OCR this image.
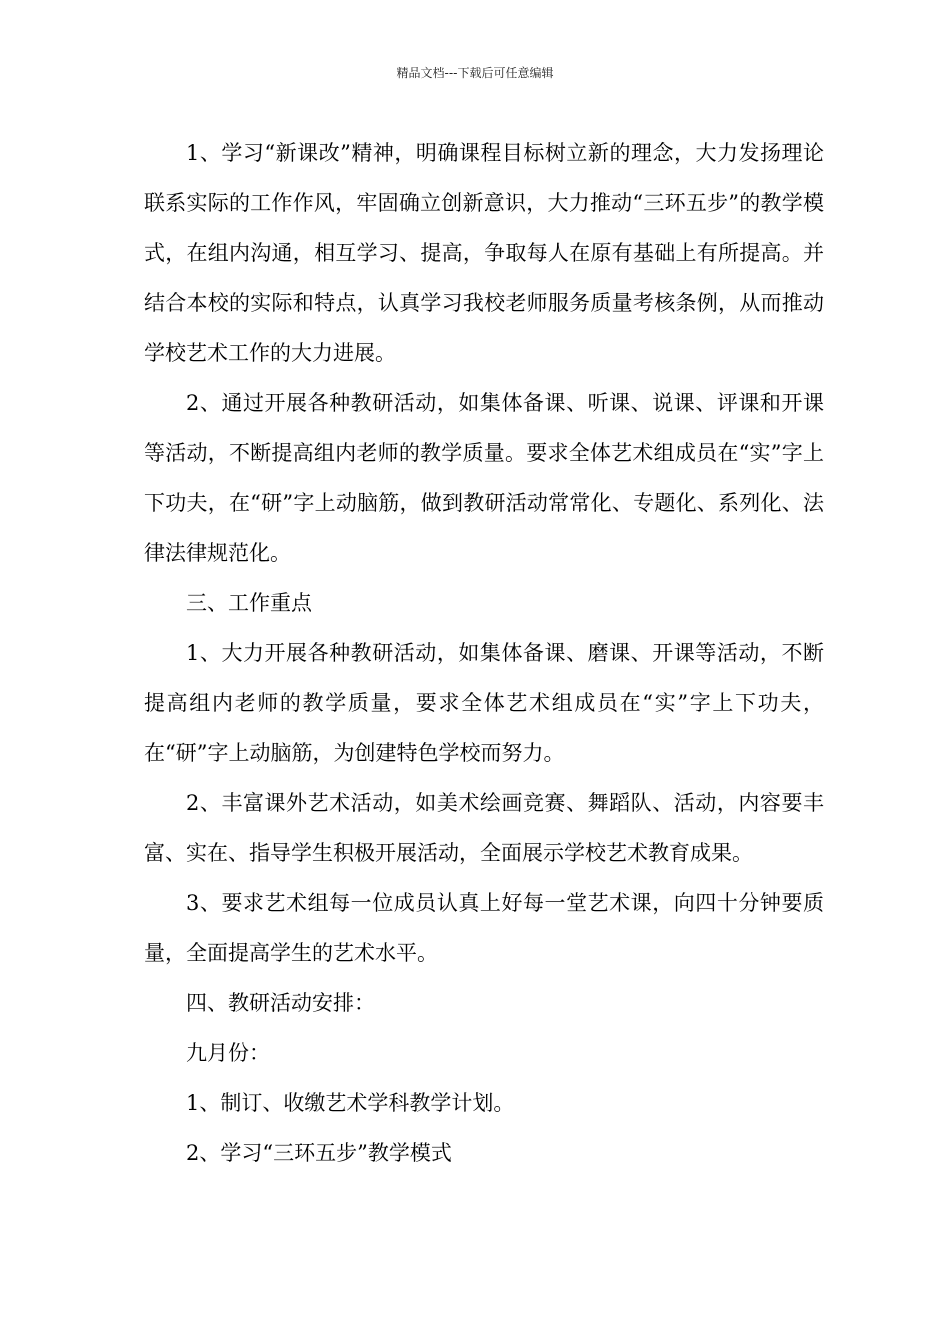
精品文档---下载后可任意编辑

1、学习“新课改”精神，明确课程目标树立新的理念，大力发扬理论联系实际的工作作风，牢固确立创新意识，大力推动“三环五步”的教学模式，在组内沟通，相互学习、提高，争取每人在原有基础上有所提高。并结合本校的实际和特点，认真学习我校老师服务质量考核条例，从而推动学校艺术工作的大力进展。

2、通过开展各种教研活动，如集体备课、听课、说课、评课和开课等活动，不断提高组内老师的教学质量。要求全体艺术组成员在“实”字上下功夫，在“研”字上动脑筋，做到教研活动常常化、专题化、系列化、法律法律规范化。

三、工作重点

1、大力开展各种教研活动，如集体备课、磨课、开课等活动，不断提高组内老师的教学质量，要求全体艺术组成员在“实”字上下功夫，在“研”字上动脑筋，为创建特色学校而努力。

2、丰富课外艺术活动，如美术绘画竞赛、舞蹈队、活动，内容要丰富、实在、指导学生积极开展活动，全面展示学校艺术教育成果。

3、要求艺术组每一位成员认真上好每一堂艺术课，向四十分钟要质量，全面提高学生的艺术水平。

四、教研活动安排：

九月份：

1、制订、收缴艺术学科教学计划。

2、学习“三环五步”教学模式
